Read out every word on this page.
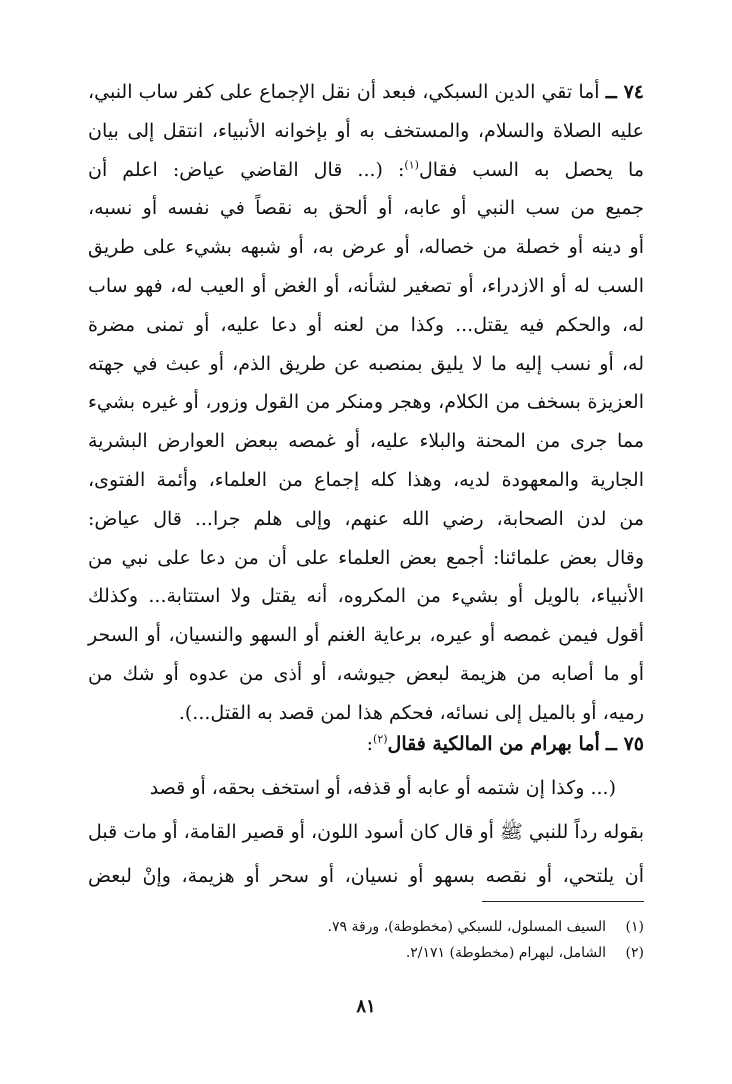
٧٤ ــ أما تقي الدين السبكي، فبعد أن نقل الإجماع على كفر ساب النبي،
عليه الصلاة والسلام، والمستخف به أو بإخوانه الأنبياء، انتقل إلى بيان
ما يحصل به السب فقال$^{(١)}$: (... قال القاضي عياض: اعلم أن
جميع من سب النبي أو عابه، أو ألحق به نقصاً في نفسه أو نسبه،
أو دينه أو خصلة من خصاله، أو عرض به، أو شبهه بشيء على طريق
السب له أو الازدراء، أو تصغير لشأنه، أو الغض أو العيب له، فهو ساب
له، والحكم فيه يقتل... وكذا من لعنه أو دعا عليه، أو تمنى مضرة
له، أو نسب إليه ما لا يليق بمنصبه عن طريق الذم، أو عبث في جهته
العزيزة بسخف من الكلام، وهجر ومنكر من القول وزور، أو غيره بشيء
مما جرى من المحنة والبلاء عليه، أو غمصه ببعض العوارض البشرية
الجارية والمعهودة لديه، وهذا كله إجماع من العلماء، وأئمة الفتوى،
من لدن الصحابة، رضي الله عنهم، وإلى هلم جرا... قال عياض:
وقال بعض علمائنا: أجمع بعض العلماء على أن من دعا على نبي من
الأنبياء، بالويل أو بشيء من المكروه، أنه يقتل ولا استتابة... وكذلك
أقول فيمن غمصه أو عيره، برعاية الغنم أو السهو والنسيان، أو السحر
أو ما أصابه من هزيمة لبعض جيوشه، أو أذى من عدوه أو شك من
رميه، أو بالميل إلى نسائه، فحكم هذا لمن قصد به القتل...).
٧٥ ــ أما بهرام من المالكية فقال$^{(٢)}$:
(... وكذا إن شتمه أو عابه أو قذفه، أو استخف بحقه، أو قصد
بقوله رداً للنبي ﷺ أو قال كان أسود اللون، أو قصير القامة، أو مات قبل
أن يلتحي، أو نقصه بسهو أو نسيان، أو سحر أو هزيمة، وإنْ لبعض
(١)السيف المسلول، للسبكي (مخطوطة)، ورقة ٧٩.
(٢)الشامل، لبهرام (مخطوطة) ٢/١٧١.
٨١
